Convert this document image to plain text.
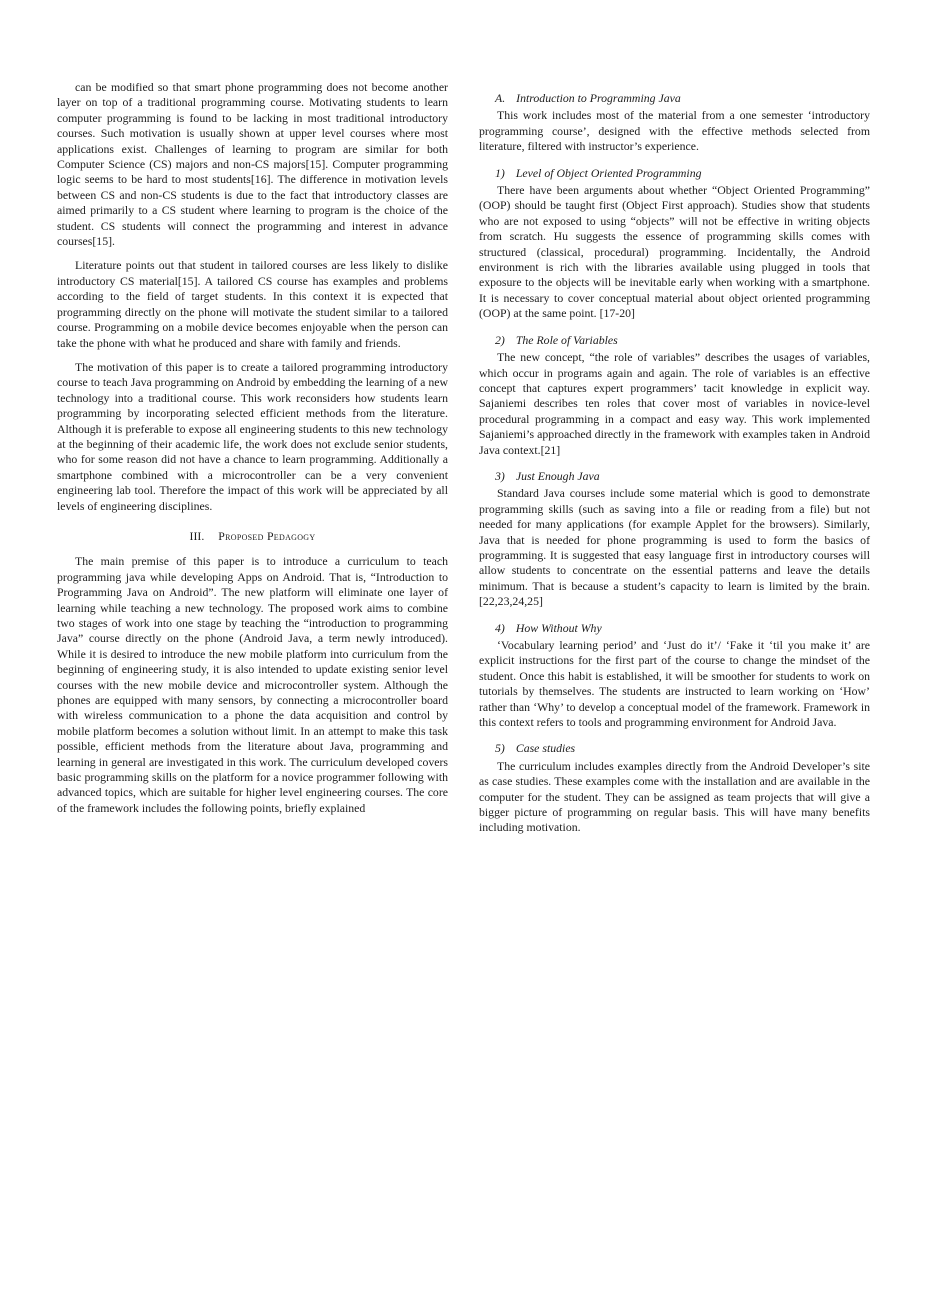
can be modified so that smart phone programming does not become another layer on top of a traditional programming course. Motivating students to learn computer programming is found to be lacking in most traditional introductory courses. Such motivation is usually shown at upper level courses where most applications exist. Challenges of learning to program are similar for both Computer Science (CS) majors and non-CS majors[15]. Computer programming logic seems to be hard to most students[16]. The difference in motivation levels between CS and non-CS students is due to the fact that introductory classes are aimed primarily to a CS student where learning to program is the choice of the student. CS students will connect the programming and interest in advance courses[15].

Literature points out that student in tailored courses are less likely to dislike introductory CS material[15]. A tailored CS course has examples and problems according to the field of target students. In this context it is expected that programming directly on the phone will motivate the student similar to a tailored course. Programming on a mobile device becomes enjoyable when the person can take the phone with what he produced and share with family and friends.

The motivation of this paper is to create a tailored programming introductory course to teach Java programming on Android by embedding the learning of a new technology into a traditional course. This work reconsiders how students learn programming by incorporating selected efficient methods from the literature. Although it is preferable to expose all engineering students to this new technology at the beginning of their academic life, the work does not exclude senior students, who for some reason did not have a chance to learn programming. Additionally a smartphone combined with a microcontroller can be a very convenient engineering lab tool. Therefore the impact of this work will be appreciated by all levels of engineering disciplines.

III. Proposed Pedagogy

The main premise of this paper is to introduce a curriculum to teach programming java while developing Apps on Android. That is, “Introduction to Programming Java on Android”. The new platform will eliminate one layer of learning while teaching a new technology. The proposed work aims to combine two stages of work into one stage by teaching the “introduction to programming Java” course directly on the phone (Android Java, a term newly introduced). While it is desired to introduce the new mobile platform into curriculum from the beginning of engineering study, it is also intended to update existing senior level courses with the new mobile device and microcontroller system. Although the phones are equipped with many sensors, by connecting a microcontroller board with wireless communication to a phone the data acquisition and control by mobile platform becomes a solution without limit. In an attempt to make this task possible, efficient methods from the literature about Java, programming and learning in general are investigated in this work. The curriculum developed covers basic programming skills on the platform for a novice programmer following with advanced topics, which are suitable for higher level engineering courses. The core of the framework includes the following points, briefly explained

A. Introduction to Programming Java

This work includes most of the material from a one semester ‘introductory programming course’, designed with the effective methods selected from literature, filtered with instructor’s experience.

1) Level of Object Oriented Programming

There have been arguments about whether “Object Oriented Programming” (OOP) should be taught first (Object First approach). Studies show that students who are not exposed to using “objects” will not be effective in writing objects from scratch. Hu suggests the essence of programming skills comes with structured (classical, procedural) programming. Incidentally, the Android environment is rich with the libraries available using plugged in tools that exposure to the objects will be inevitable early when working with a smartphone. It is necessary to cover conceptual material about object oriented programming (OOP) at the same point. [17-20]

2) The Role of Variables

The new concept, “the role of variables” describes the usages of variables, which occur in programs again and again. The role of variables is an effective concept that captures expert programmers’ tacit knowledge in explicit way. Sajaniemi describes ten roles that cover most of variables in novice-level procedural programming in a compact and easy way. This work implemented Sajaniemi’s approached directly in the framework with examples taken in Android Java context.[21]

3) Just Enough Java

Standard Java courses include some material which is good to demonstrate programming skills (such as saving into a file or reading from a file) but not needed for many applications (for example Applet for the browsers). Similarly, Java that is needed for phone programming is used to form the basics of programming. It is suggested that easy language first in introductory courses will allow students to concentrate on the essential patterns and leave the details minimum. That is because a student’s capacity to learn is limited by the brain.[22,23,24,25]

4) How Without Why

‘Vocabulary learning period’ and ‘Just do it’/ ‘Fake it ‘til you make it’ are explicit instructions for the first part of the course to change the mindset of the student. Once this habit is established, it will be smoother for students to work on tutorials by themselves. The students are instructed to learn working on ‘How’ rather than ‘Why’ to develop a conceptual model of the framework. Framework in this context refers to tools and programming environment for Android Java.

5) Case studies

The curriculum includes examples directly from the Android Developer’s site as case studies. These examples come with the installation and are available in the computer for the student. They can be assigned as team projects that will give a bigger picture of programming on regular basis. This will have many benefits including motivation.
